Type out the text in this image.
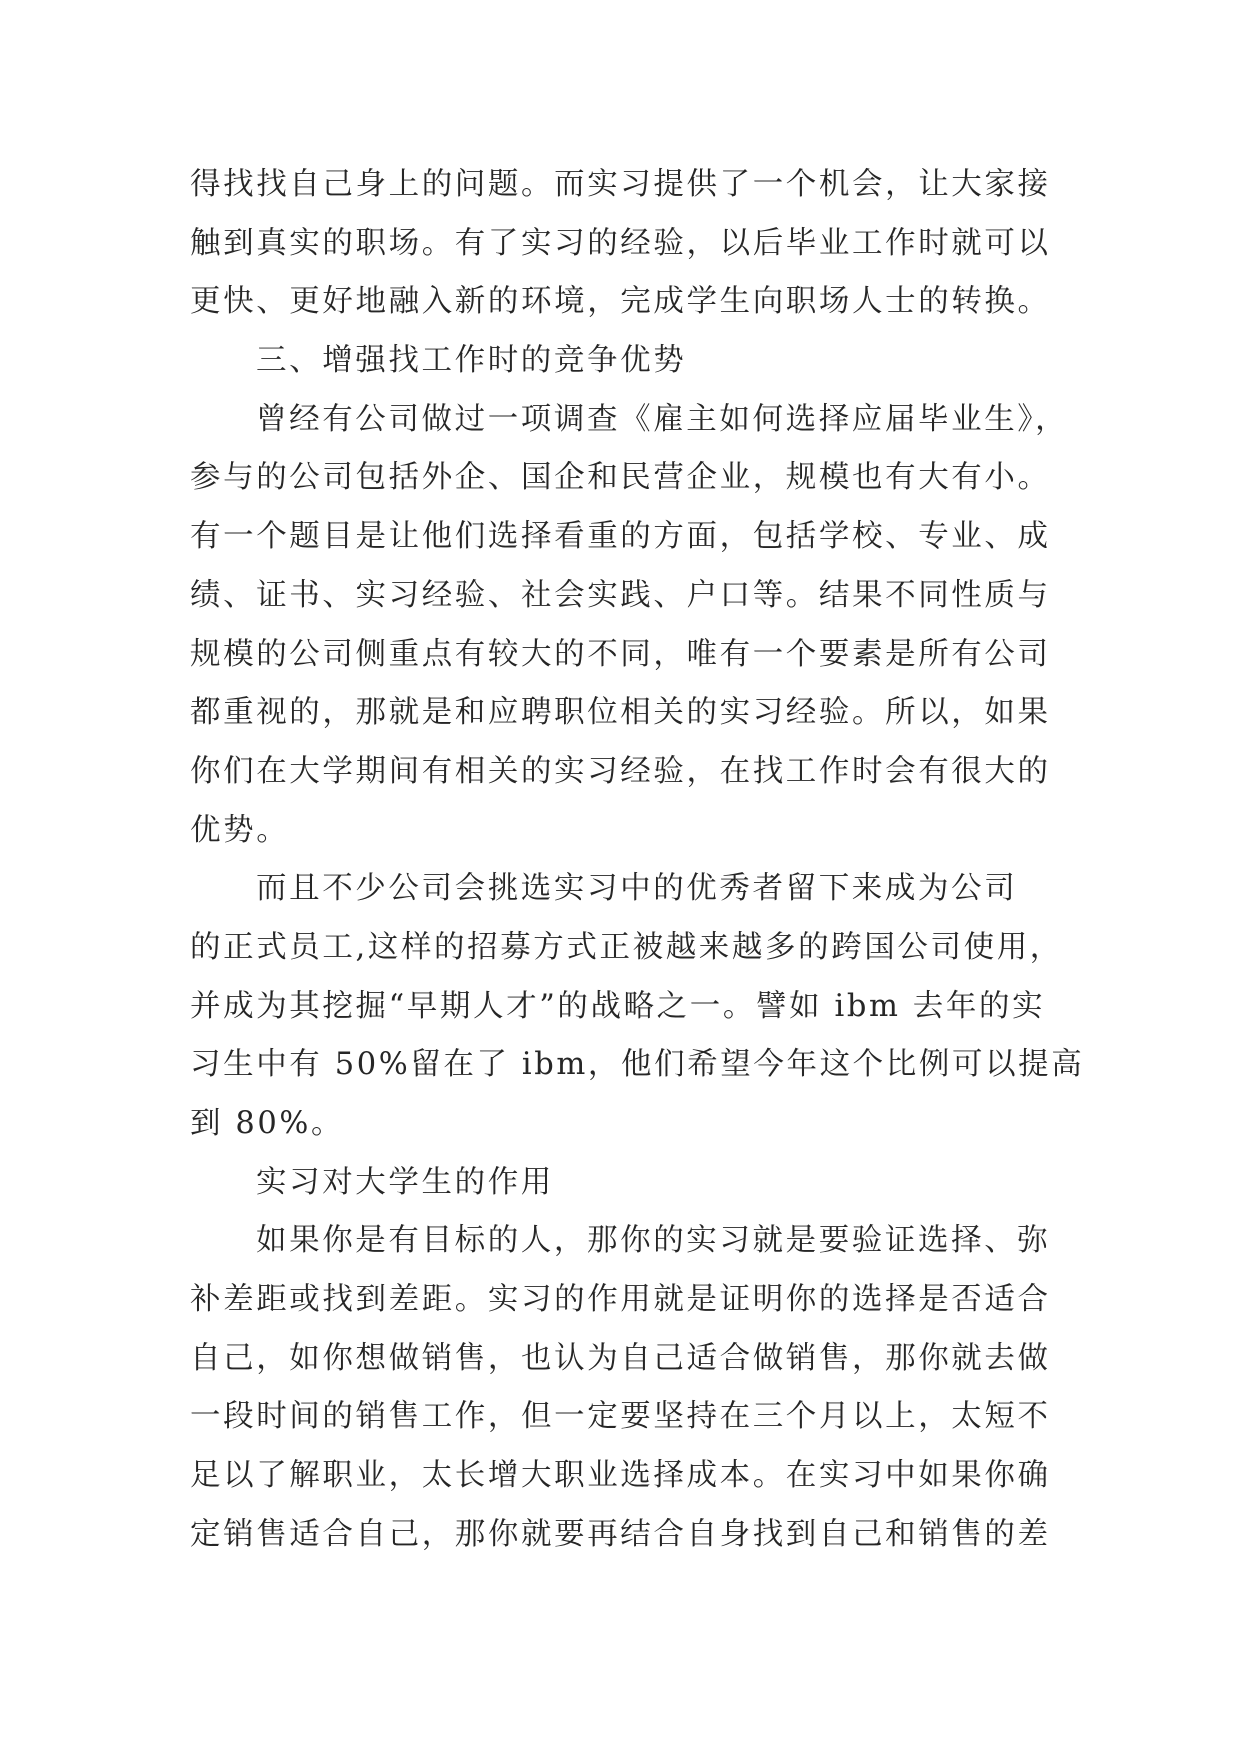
得找找自己身上的问题。而实习提供了一个机会，让大家接
触到真实的职场。有了实习的经验，以后毕业工作时就可以
更快、更好地融入新的环境，完成学生向职场人士的转换。
三、增强找工作时的竞争优势
曾经有公司做过一项调查《雇主如何选择应届毕业生》，
参与的公司包括外企、国企和民营企业，规模也有大有小。
有一个题目是让他们选择看重的方面，包括学校、专业、成
绩、证书、实习经验、社会实践、户口等。结果不同性质与
规模的公司侧重点有较大的不同，唯有一个要素是所有公司
都重视的，那就是和应聘职位相关的实习经验。所以，如果
你们在大学期间有相关的实习经验，在找工作时会有很大的
优势。
而且不少公司会挑选实习中的优秀者留下来成为公司
的正式员工,这样的招募方式正被越来越多的跨国公司使用，
并成为其挖掘“早期人才”的战略之一。譬如 ibm 去年的实
习生中有 50%留在了 ibm，他们希望今年这个比例可以提高
到 80%。
实习对大学生的作用
如果你是有目标的人，那你的实习就是要验证选择、弥
补差距或找到差距。实习的作用就是证明你的选择是否适合
自己，如你想做销售，也认为自己适合做销售，那你就去做
一段时间的销售工作，但一定要坚持在三个月以上，太短不
足以了解职业，太长增大职业选择成本。在实习中如果你确
定销售适合自己，那你就要再结合自身找到自己和销售的差
